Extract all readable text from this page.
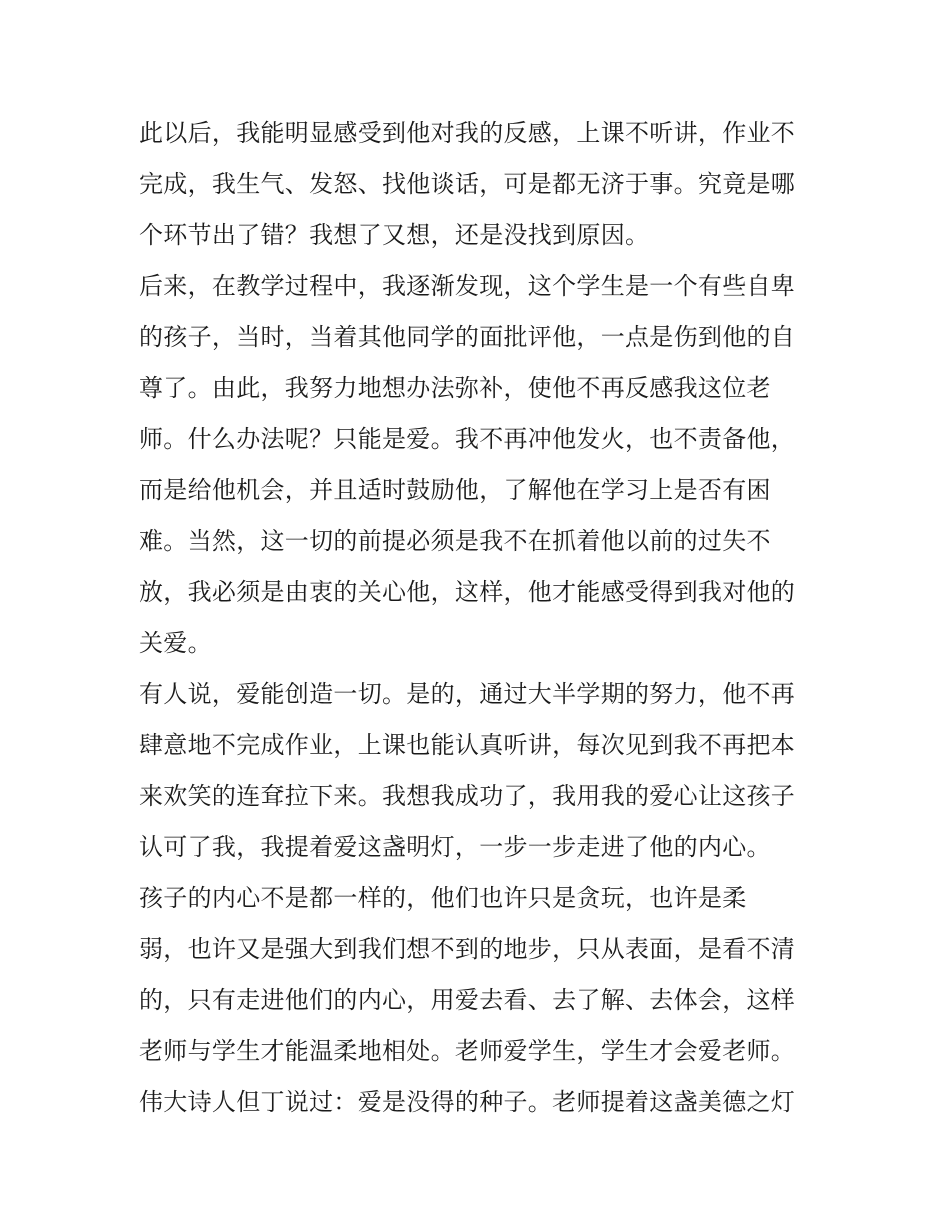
此以后，我能明显感受到他对我的反感，上课不听讲，作业不
完成，我生气、发怒、找他谈话，可是都无济于事。究竟是哪
个环节出了错？我想了又想，还是没找到原因。
后来，在教学过程中，我逐渐发现，这个学生是一个有些自卑
的孩子，当时，当着其他同学的面批评他，一点是伤到他的自
尊了。由此，我努力地想办法弥补，使他不再反感我这位老
师。什么办法呢？只能是爱。我不再冲他发火，也不责备他，
而是给他机会，并且适时鼓励他，了解他在学习上是否有困
难。当然，这一切的前提必须是我不在抓着他以前的过失不
放，我必须是由衷的关心他，这样，他才能感受得到我对他的
关爱。
有人说，爱能创造一切。是的，通过大半学期的努力，他不再
肆意地不完成作业，上课也能认真听讲，每次见到我不再把本
来欢笑的连耷拉下来。我想我成功了，我用我的爱心让这孩子
认可了我，我提着爱这盏明灯，一步一步走进了他的内心。
孩子的内心不是都一样的，他们也许只是贪玩，也许是柔
弱，也许又是强大到我们想不到的地步，只从表面，是看不清
的，只有走进他们的内心，用爱去看、去了解、去体会，这样
老师与学生才能温柔地相处。老师爱学生，学生才会爱老师。
伟大诗人但丁说过：爱是没得的种子。老师提着这盏美德之灯
